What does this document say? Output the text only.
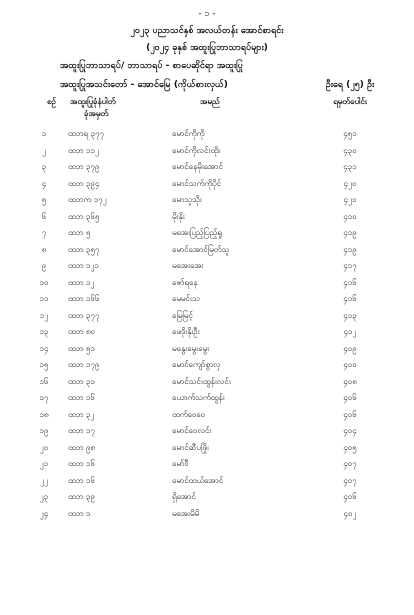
- ၁ -
၂၀၂၃ ပညာသင်နှစ် အလယ်တန်း အောင်စာရင်း
(၂၀၂၄ ခုနှစ် အထူးပြုဘာသာရပ်များ)
အထူးပြုဘာသာရပ်/ ဘာသာရပ် - စာပေဆိုင်ရာ အထူးပြု
အထူးပြုအသင်းတော် - အောင်မြေ (ကိုယ်စားလှယ်)	ဦးရေ (၂၅) ဦး
စဉ် အထူးပြုခုံနံပါတ်
ခုံအမှတ်
အမည်	ရမှတ်ပေါင်း
၁	ထဘရ ၃၇၇	မောင်ကိုကို	၄၅၁
၂	ထဘ ၁၁၂	မောင်ကိုလင်းထိုး	၄၃၀
၃	ထဘ ၃၇၉	မောင်နေမိုးအောင်	၄၃၁
၄	ထဘ ၃၉၄	မောင်သက်ကိုပိုင်	၄၂၀
၅	ထဘက ၁၇၂	မောသူသိုး	၄၂၁
၆	ထဘ ၃၆၅	မိုးနိုး	၄၁၀
၇	ထဘ ၅	မအေးပြည့်ပြည့်ရှု	၄၁၉
၈	ထဘ ၃၅၇	မောင်အောင်မြတ်သူ	၄၁၉
၉	ထဘ ၁၂၁	မအေးအေး	၄၁၇
၁၀	ထဘ ၁၂	ဇော်ရနေ	၄၁၆
၁၁	ထဘ ၁၆၆	မေမင်းသ	၄၁၆
၁၂	ထဘ ၃၇၇	မြေမြင့်	၄၁၃
၁၃	ထဘ ၈၀	ဖေဒိုးနိုးဦး	၄၁၂
၁၄	ထဘ ၅၁	မနွေးမွေးမွေး	၄၀၉
၁၅	ထဘ ၁၇၉	မောင်ကျော်စွာလှ	၄၀၀
၁၆	ထဘ ၃၁	မောင်သင်းထွန်းလင်း	၄၀၈
၁၇	ထဘ ၁၆	ယောက်သက်ထွန်း	၄၀၆
၁၈	ထဘ ၃၂	ထက်ဝေဝေ	၄၀၆
၁၉	ထဘ ၁၇	မောင်ဝေလင်း	၄၀၄
၂၀	ထဘ ၉၈	မောင်ဆီပဖြိုး	၄၀၅
၂၁	ထဘ ၁၆	မော်ဝီ	၄၀၇
၂၂	ထဘ ၁၆	မောင်ထယ်အောင်	၄၀၇
၂၃	ထဘ ၃၉	ရှိအောင်	၄၀၆
၂၄	ထဘ ၁	မအေးမိမိ	၄၀၂
